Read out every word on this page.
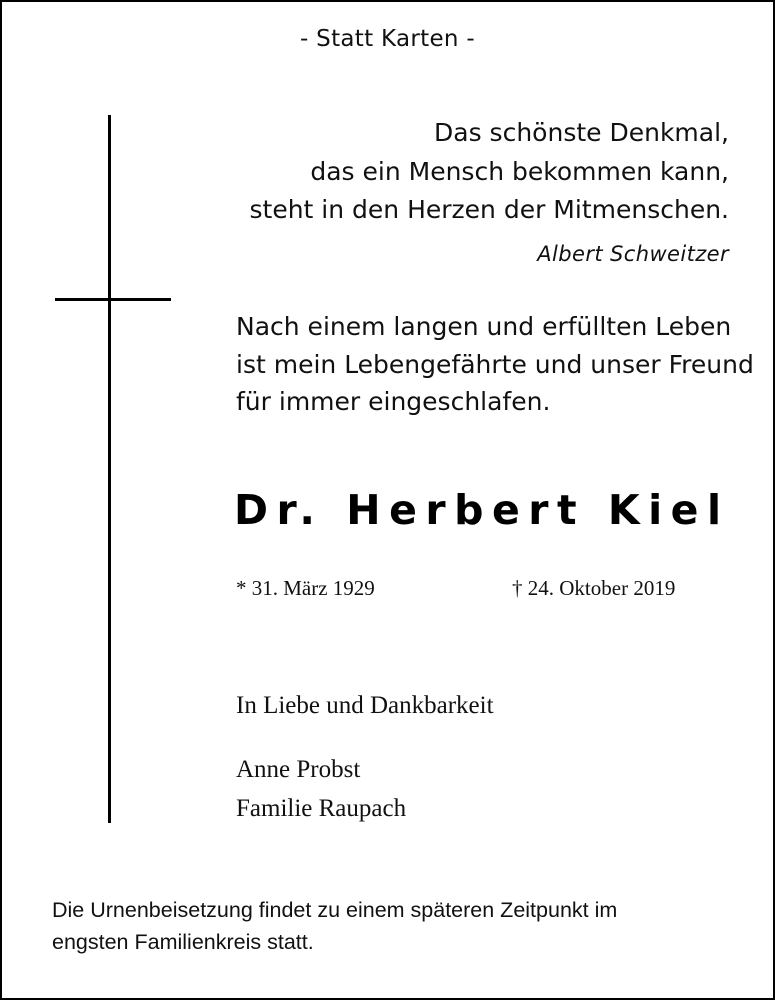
- Statt Karten -
Das schönste Denkmal,
das ein Mensch bekommen kann,
steht in den Herzen der Mitmenschen.
Albert Schweitzer
Nach einem langen und erfüllten Leben
ist mein Lebengefährte und unser Freund
für immer eingeschlafen.
Dr. Herbert Kiel
* 31. März 1929	† 24. Oktober 2019
In Liebe und Dankbarkeit
Anne Probst
Familie Raupach
Die Urnenbeisetzung findet zu einem späteren Zeitpunkt im
engsten Familienkreis statt.
